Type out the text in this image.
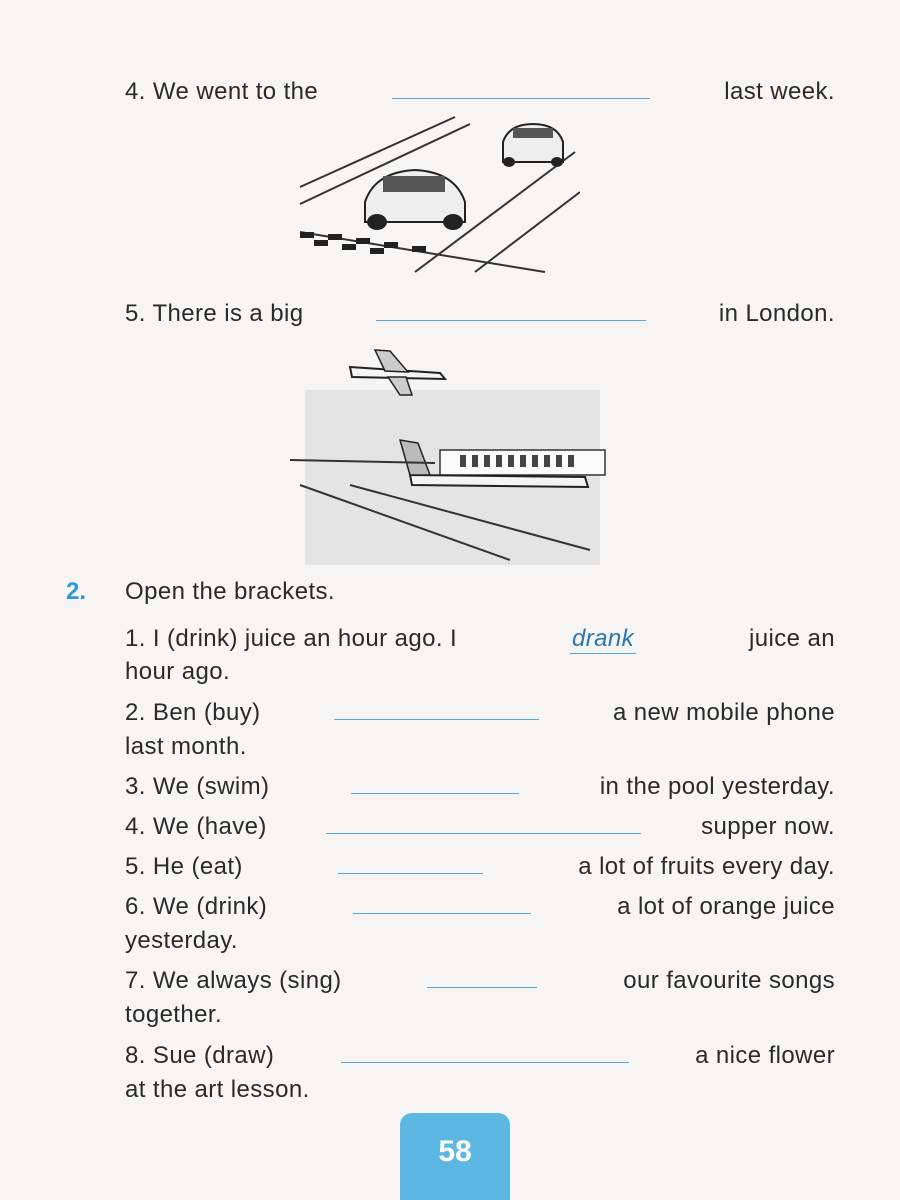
4. We went to the	last week.
5. There is a big	in London.
2. Open the brackets.
1. I (drink) juice an hour ago. I	drank	juice an
hour ago.
2. Ben (buy)	a new mobile phone
last month.
3. We (swim)	in the pool yesterday.
4. We (have)	supper now.
5. He (eat)	a lot of fruits every day.
6. We (drink)	a lot of orange juice
yesterday.
7. We always (sing)	our favourite songs
together.
8. Sue (draw)	a nice flower
at the art lesson.
58
